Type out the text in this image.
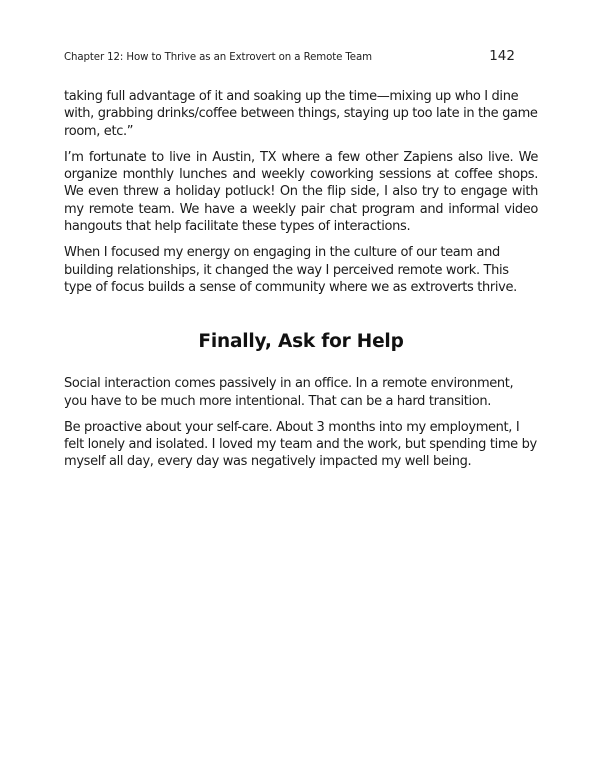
Chapter 12: How to Thrive as an Extrovert on a Remote Team	142

taking full advantage of it and soaking up the time—mixing up who I dine with, grabbing drinks/coffee between things, staying up too late in the game room, etc.”

I’m fortunate to live in Austin, TX where a few other Zapiens also live. We organize monthly lunches and weekly coworking sessions at coffee shops. We even threw a holiday potluck! On the flip side, I also try to engage with my remote team. We have a weekly pair chat program and informal video hangouts that help facilitate these types of interactions.

When I focused my energy on engaging in the culture of our team and building relationships, it changed the way I perceived remote work. This type of focus builds a sense of community where we as extroverts thrive.

Finally, Ask for Help

Social interaction comes passively in an office. In a remote environment, you have to be much more intentional. That can be a hard transition.

Be proactive about your self-care. About 3 months into my employment, I felt lonely and isolated. I loved my team and the work, but spending time by myself all day, every day was negatively impacted my well being.
